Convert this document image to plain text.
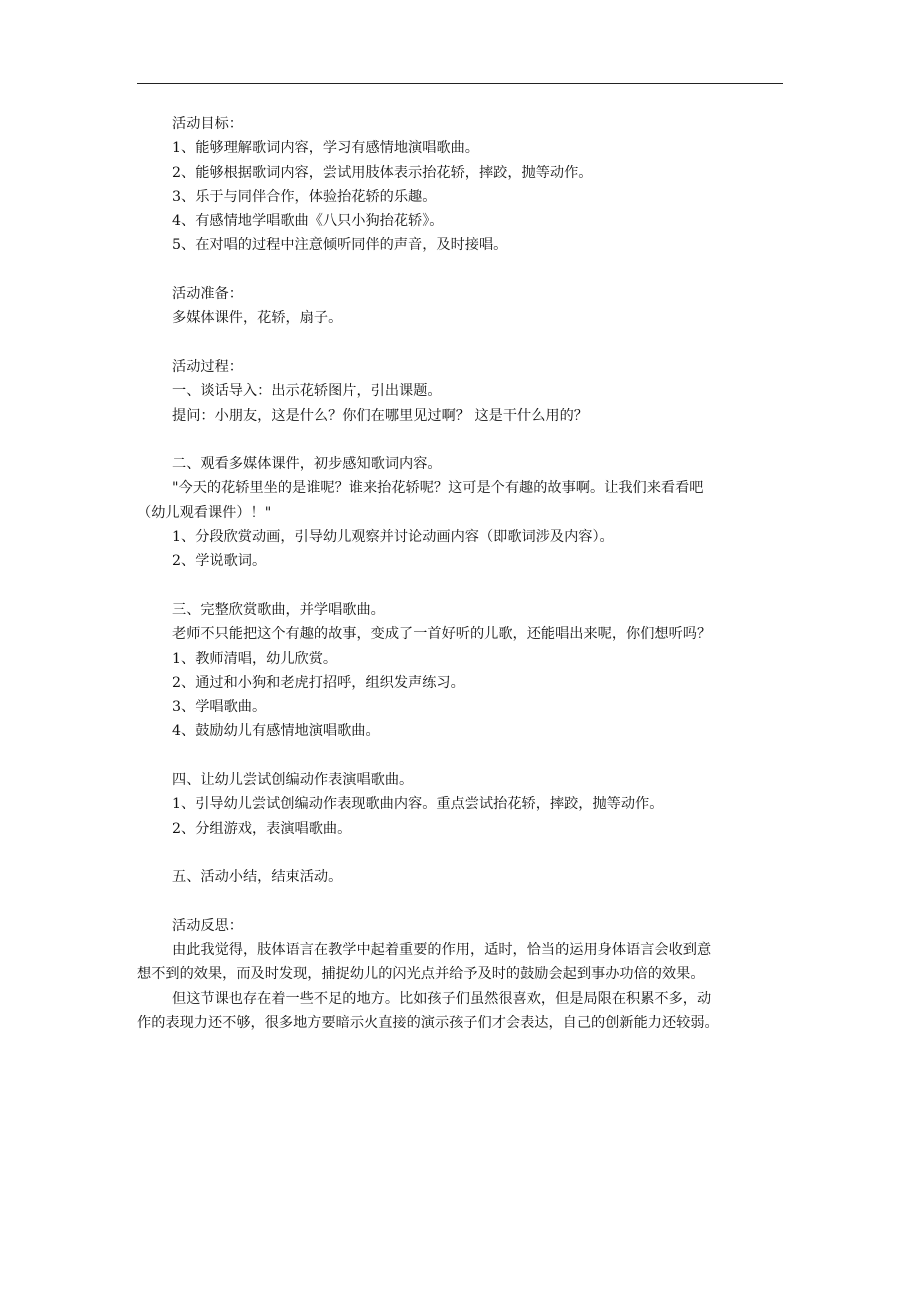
活动目标：
1、能够理解歌词内容，学习有感情地演唱歌曲。
2、能够根据歌词内容，尝试用肢体表示抬花轿，摔跤，抛等动作。
3、乐于与同伴合作，体验抬花轿的乐趣。
4、有感情地学唱歌曲《八只小狗抬花轿》。
5、在对唱的过程中注意倾听同伴的声音，及时接唱。
活动准备：
多媒体课件，花轿，扇子。
活动过程：
一、谈话导入：出示花轿图片，引出课题。
提问：小朋友，这是什么？你们在哪里见过啊？ 这是干什么用的？
二、观看多媒体课件，初步感知歌词内容。
"今天的花轿里坐的是谁呢？谁来抬花轿呢？这可是个有趣的故事啊。让我们来看看吧
（幼儿观看课件）！"
1、分段欣赏动画，引导幼儿观察并讨论动画内容（即歌词涉及内容）。
2、学说歌词。
三、完整欣赏歌曲，并学唱歌曲。
老师不只能把这个有趣的故事，变成了一首好听的儿歌，还能唱出来呢，你们想听吗？
1、教师清唱，幼儿欣赏。
2、通过和小狗和老虎打招呼，组织发声练习。
3、学唱歌曲。
4、鼓励幼儿有感情地演唱歌曲。
四、让幼儿尝试创编动作表演唱歌曲。
1、引导幼儿尝试创编动作表现歌曲内容。重点尝试抬花轿，摔跤，抛等动作。
2、分组游戏，表演唱歌曲。
五、活动小结，结束活动。
活动反思：
由此我觉得，肢体语言在教学中起着重要的作用，适时，恰当的运用身体语言会收到意
想不到的效果，而及时发现，捕捉幼儿的闪光点并给予及时的鼓励会起到事办功倍的效果。
但这节课也存在着一些不足的地方。比如孩子们虽然很喜欢，但是局限在积累不多，动
作的表现力还不够，很多地方要暗示火直接的演示孩子们才会表达，自己的创新能力还较弱。
